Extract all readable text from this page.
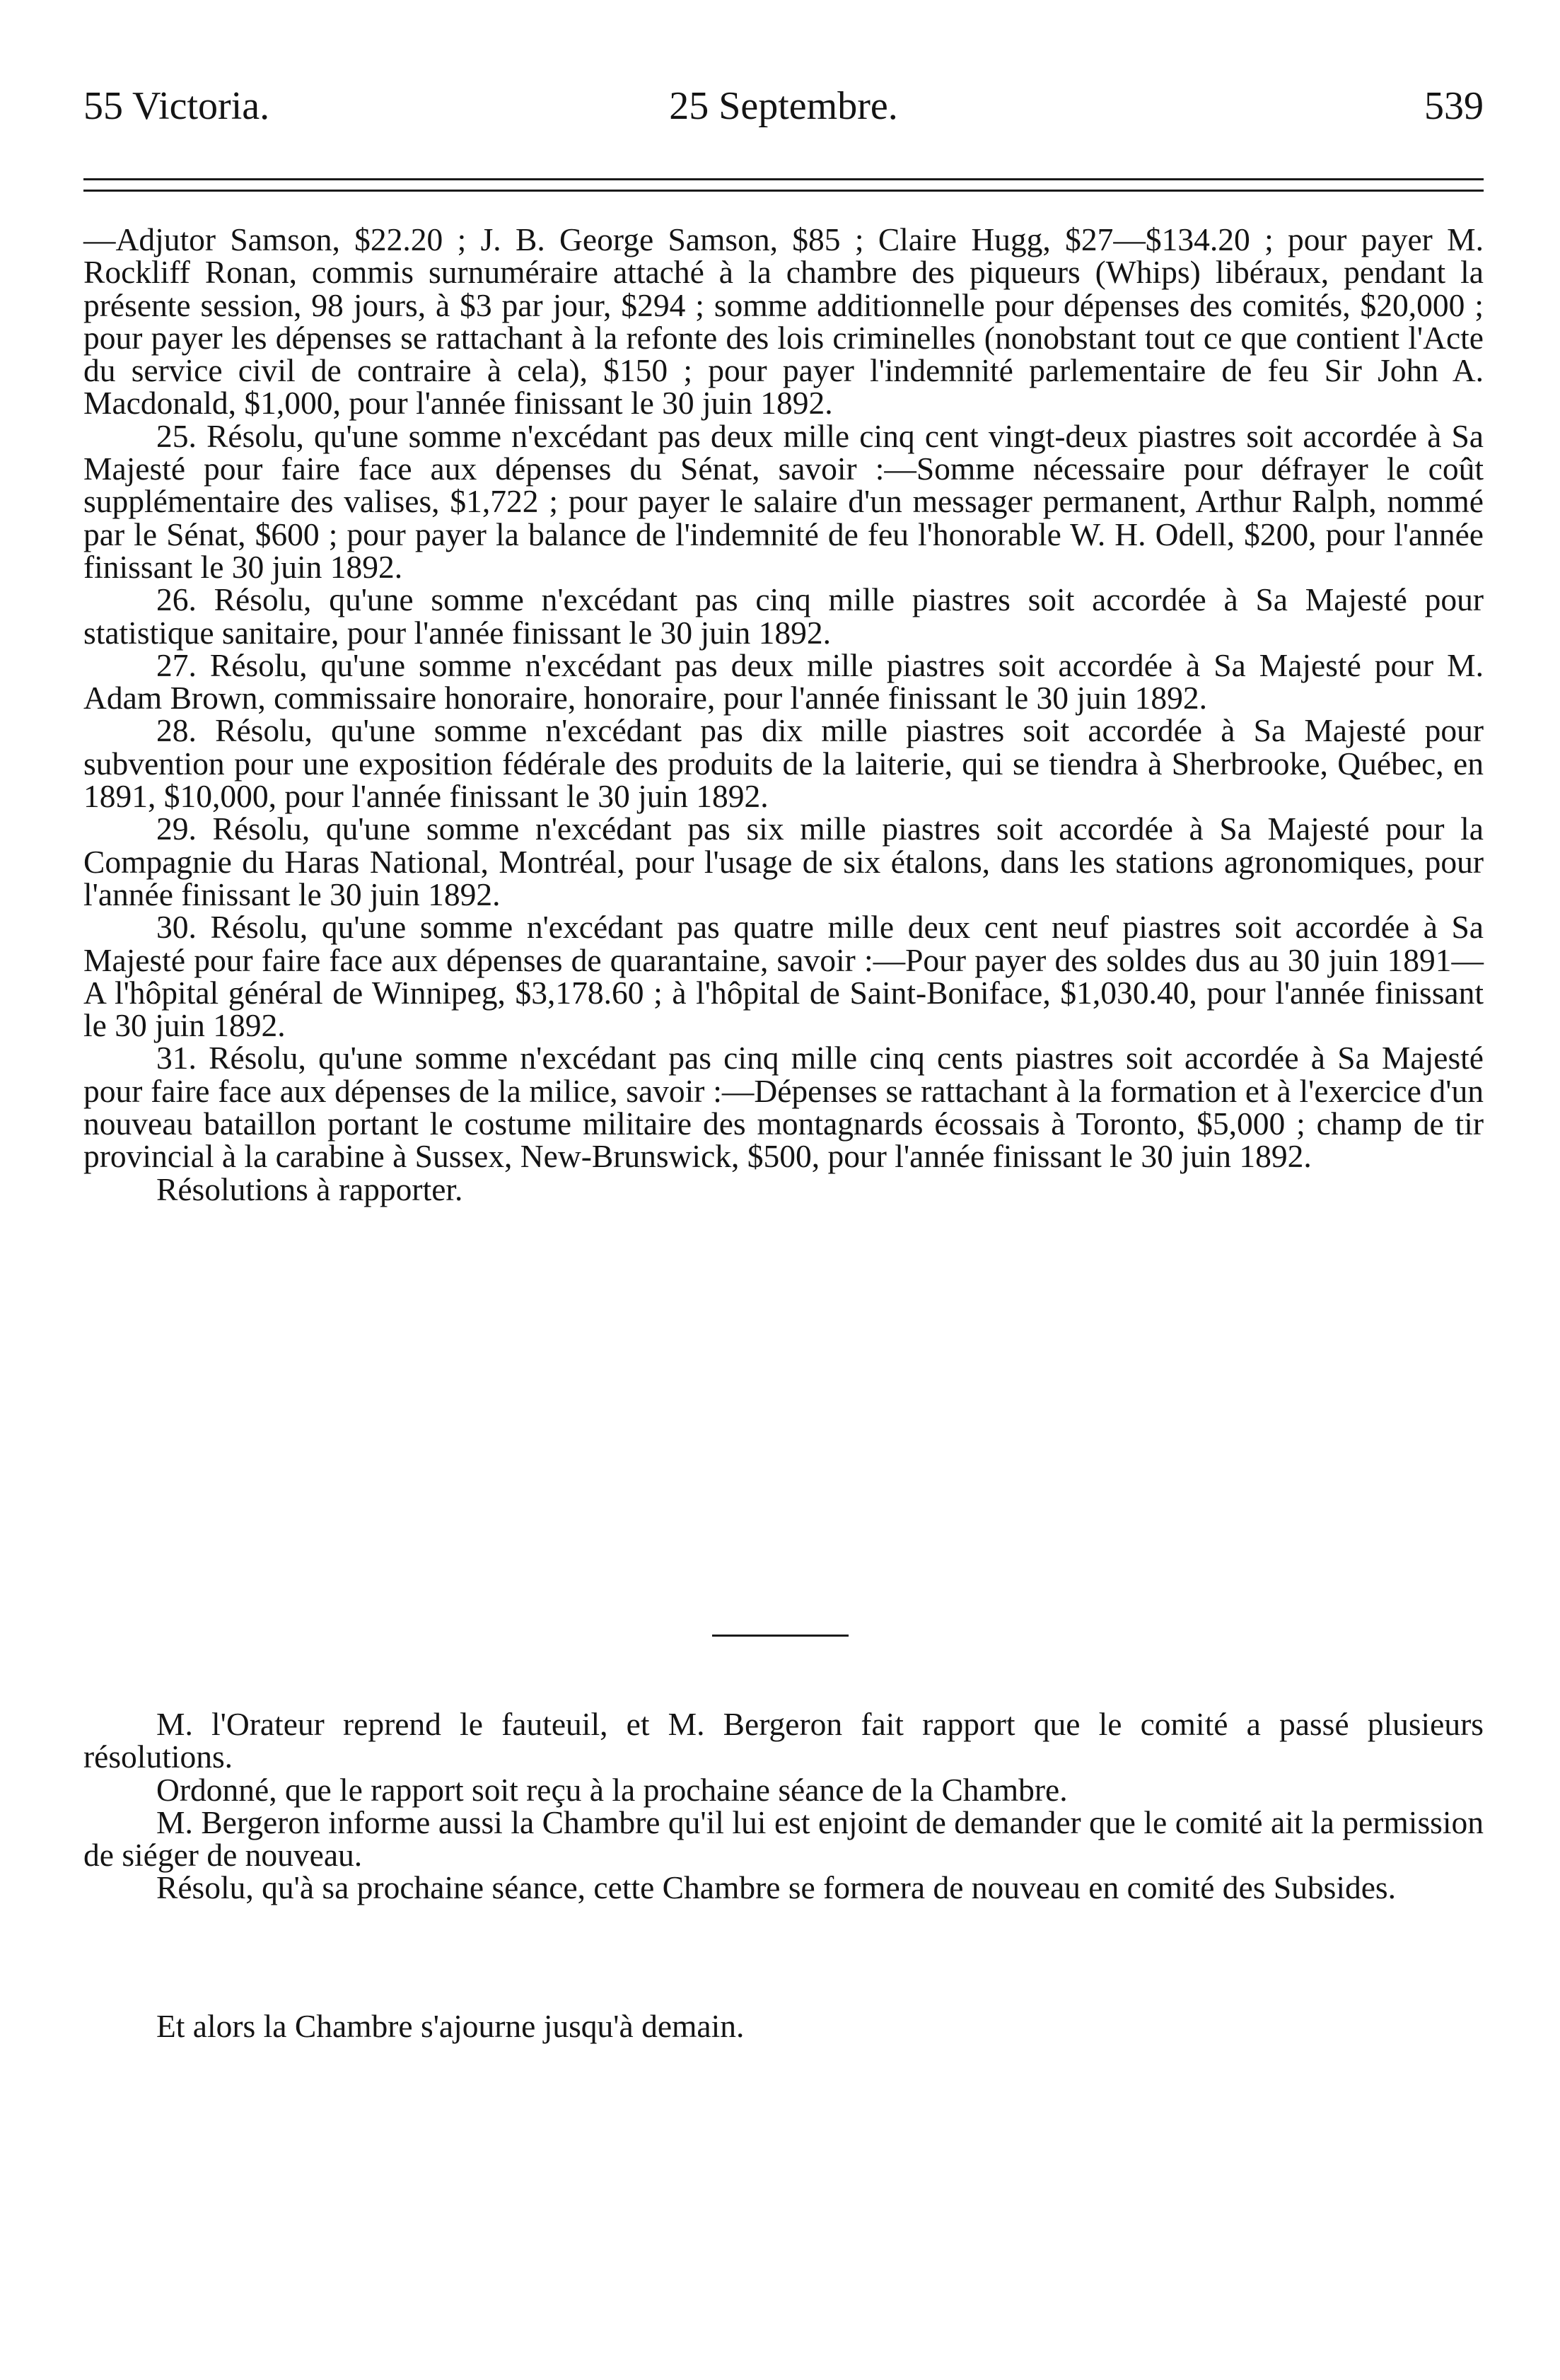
55 Victoria.	25 Septembre.	539

—Adjutor Samson, $22.20 ; J. B. George Samson, $85 ; Claire Hugg, $27—$134.20 ; pour payer M. Rockliff Ronan, commis surnuméraire attaché à la chambre des piqueurs (Whips) libéraux, pendant la présente session, 98 jours, à $3 par jour, $294 ; somme additionnelle pour dépenses des comités, $20,000 ; pour payer les dépenses se rattachant à la refonte des lois criminelles (nonobstant tout ce que contient l'Acte du service civil de contraire à cela), $150 ; pour payer l'indemnité parlementaire de feu Sir John A. Macdonald, $1,000, pour l'année finissant le 30 juin 1892.

25. Résolu, qu'une somme n'excédant pas deux mille cinq cent vingt-deux piastres soit accordée à Sa Majesté pour faire face aux dépenses du Sénat, savoir :—Somme nécessaire pour défrayer le coût supplémentaire des valises, $1,722 ; pour payer le salaire d'un messager permanent, Arthur Ralph, nommé par le Sénat, $600 ; pour payer la balance de l'indemnité de feu l'honorable W. H. Odell, $200, pour l'année finissant le 30 juin 1892.

26. Résolu, qu'une somme n'excédant pas cinq mille piastres soit accordée à Sa Majesté pour statistique sanitaire, pour l'année finissant le 30 juin 1892.

27. Résolu, qu'une somme n'excédant pas deux mille piastres soit accordée à Sa Majesté pour M. Adam Brown, commissaire honoraire, honoraire, pour l'année finissant le 30 juin 1892.

28. Résolu, qu'une somme n'excédant pas dix mille piastres soit accordée à Sa Majesté pour subvention pour une exposition fédérale des produits de la laiterie, qui se tiendra à Sherbrooke, Québec, en 1891, $10,000, pour l'année finissant le 30 juin 1892.

29. Résolu, qu'une somme n'excédant pas six mille piastres soit accordée à Sa Majesté pour la Compagnie du Haras National, Montréal, pour l'usage de six étalons, dans les stations agronomiques, pour l'année finissant le 30 juin 1892.

30. Résolu, qu'une somme n'excédant pas quatre mille deux cent neuf piastres soit accordée à Sa Majesté pour faire face aux dépenses de quarantaine, savoir :—Pour payer des soldes dus au 30 juin 1891—A l'hôpital général de Winnipeg, $3,178.60 ; à l'hôpital de Saint-Boniface, $1,030.40, pour l'année finissant le 30 juin 1892.

31. Résolu, qu'une somme n'excédant pas cinq mille cinq cents piastres soit accordée à Sa Majesté pour faire face aux dépenses de la milice, savoir :—Dépenses se rattachant à la formation et à l'exercice d'un nouveau bataillon portant le costume militaire des montagnards écossais à Toronto, $5,000 ; champ de tir provincial à la carabine à Sussex, New-Brunswick, $500, pour l'année finissant le 30 juin 1892.

Résolutions à rapporter.

M. l'Orateur reprend le fauteuil, et M. Bergeron fait rapport que le comité a passé plusieurs résolutions.

Ordonné, que le rapport soit reçu à la prochaine séance de la Chambre.

M. Bergeron informe aussi la Chambre qu'il lui est enjoint de demander que le comité ait la permission de siéger de nouveau.

Résolu, qu'à sa prochaine séance, cette Chambre se formera de nouveau en comité des Subsides.

Et alors la Chambre s'ajourne jusqu'à demain.
